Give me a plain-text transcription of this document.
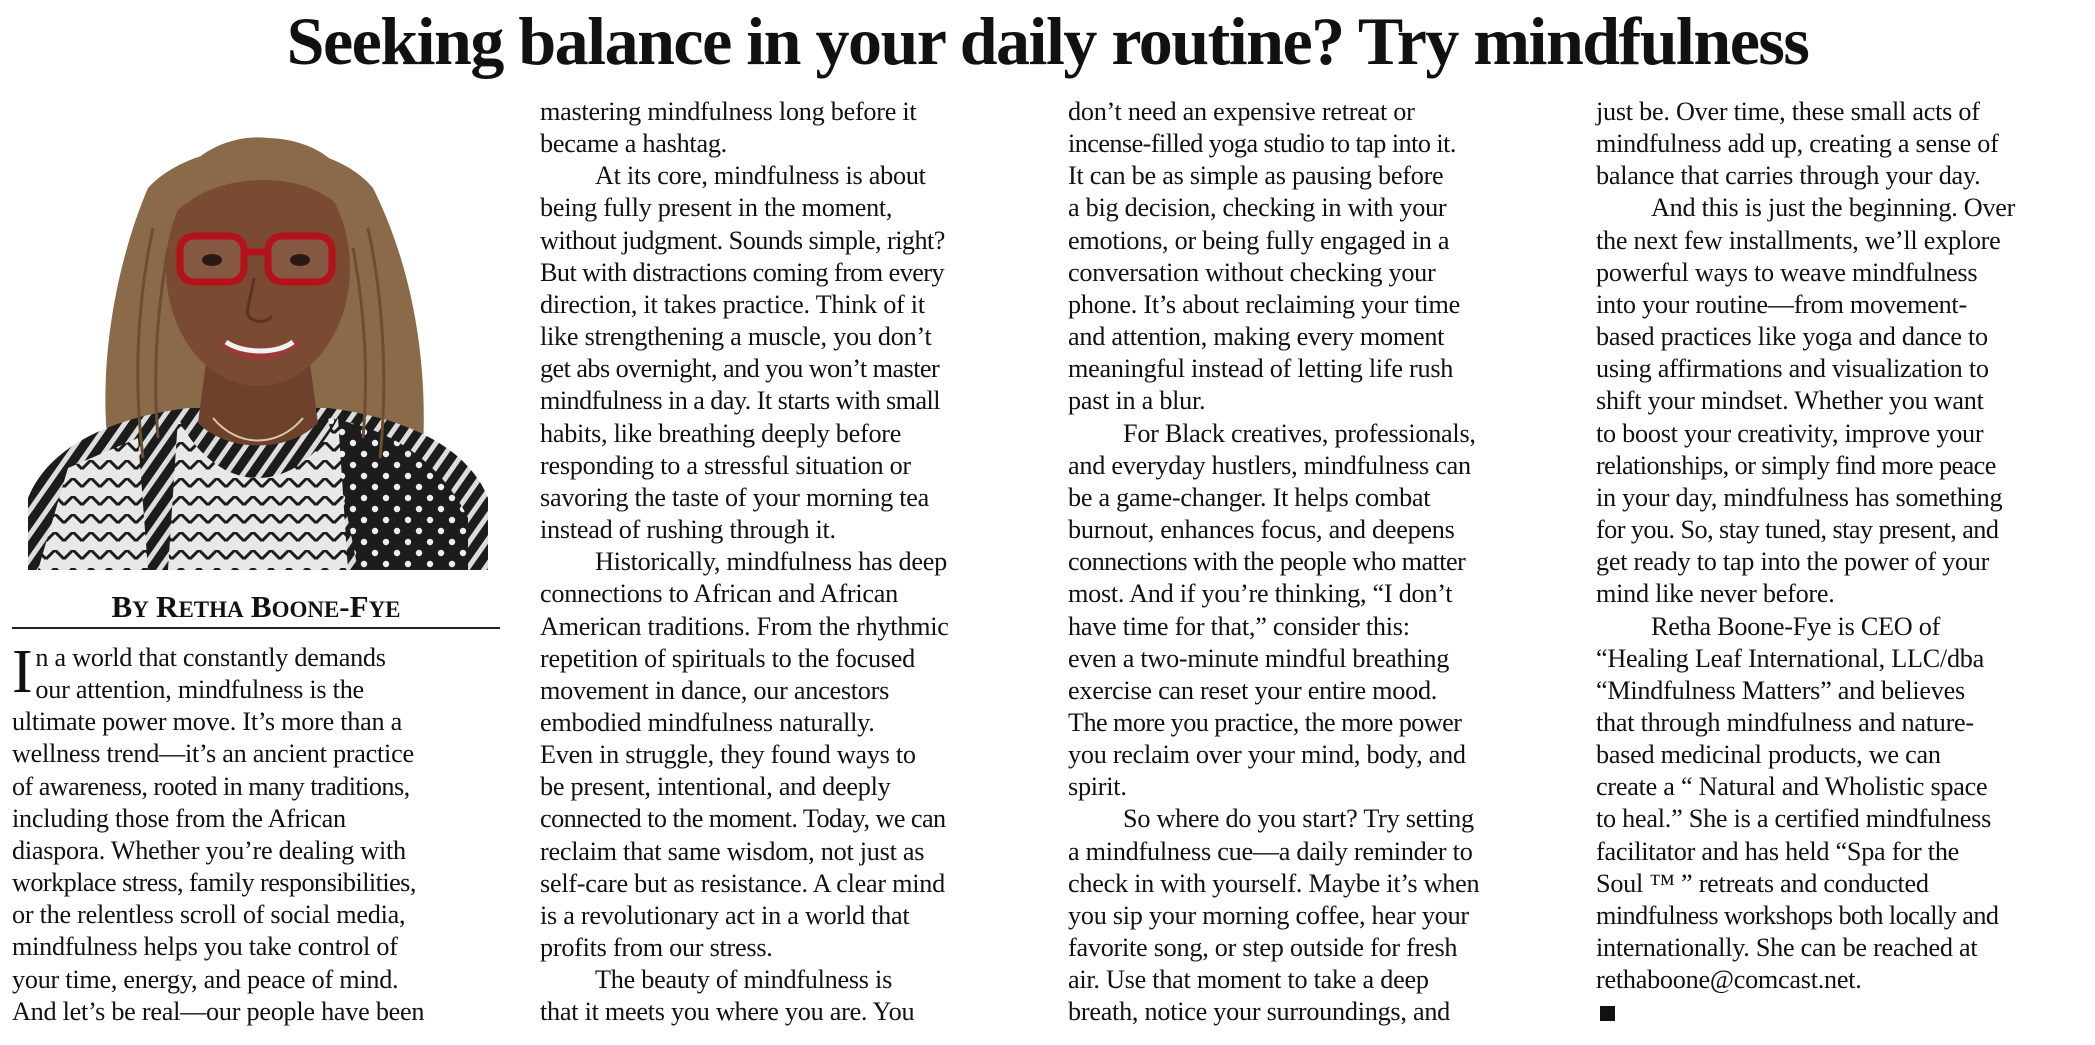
Seeking balance in your daily routine? Try mindfulness
BY RETHA BOONE-FYE
I n a world that constantly demands

our attention, mindfulness is the

ultimate power move. It’s more than a

wellness trend—it’s an ancient practice

of awareness, rooted in many traditions,

including those from the African

diaspora. Whether you’re dealing with

workplace stress, family responsibilities,

or the relentless scroll of social media,

mindfulness helps you take control of

your time, energy, and peace of mind.

And let’s be real—our people have been

mastering mindfulness long before it

became a hashtag.

At its core, mindfulness is about

being fully present in the moment,

without judgment. Sounds simple, right?

But with distractions coming from every

direction, it takes practice. Think of it

like strengthening a muscle, you don’t

get abs overnight, and you won’t master

mindfulness in a day. It starts with small

habits, like breathing deeply before

responding to a stressful situation or

savoring the taste of your morning tea

instead of rushing through it.

Historically, mindfulness has deep

connections to African and African

American traditions. From the rhythmic

repetition of spirituals to the focused

movement in dance, our ancestors

embodied mindfulness naturally.

Even in struggle, they found ways to

be present, intentional, and deeply

connected to the moment. Today, we can

reclaim that same wisdom, not just as

self-care but as resistance. A clear mind

is a revolutionary act in a world that

profits from our stress.

The beauty of mindfulness is

that it meets you where you are. You

don’t need an expensive retreat or

incense-filled yoga studio to tap into it.

It can be as simple as pausing before

a big decision, checking in with your

emotions, or being fully engaged in a

conversation without checking your

phone. It’s about reclaiming your time

and attention, making every moment

meaningful instead of letting life rush

past in a blur.

For Black creatives, professionals,

and everyday hustlers, mindfulness can

be a game-changer. It helps combat

burnout, enhances focus, and deepens

connections with the people who matter

most. And if you’re thinking, “I don’t

have time for that,” consider this:

even a two-minute mindful breathing

exercise can reset your entire mood.

The more you practice, the more power

you reclaim over your mind, body, and

spirit.

So where do you start? Try setting

a mindfulness cue—a daily reminder to

check in with yourself. Maybe it’s when

you sip your morning coffee, hear your

favorite song, or step outside for fresh

air. Use that moment to take a deep

breath, notice your surroundings, and

just be. Over time, these small acts of

mindfulness add up, creating a sense of

balance that carries through your day.

And this is just the beginning. Over

the next few installments, we’ll explore

powerful ways to weave mindfulness

into your routine—from movement-

based practices like yoga and dance to

using affirmations and visualization to

shift your mindset. Whether you want

to boost your creativity, improve your

relationships, or simply find more peace

in your day, mindfulness has something

for you. So, stay tuned, stay present, and

get ready to tap into the power of your

mind like never before.

Retha Boone-Fye is CEO of

“Healing Leaf International, LLC/dba

“Mindfulness Matters” and believes

that through mindfulness and nature-

based medicinal products, we can

create a “ Natural and Wholistic space

to heal.” She is a certified mindfulness

facilitator and has held “Spa for the

Soul ™ ” retreats and conducted

mindfulness workshops both locally and

internationally. She can be reached at

rethaboone@comcast.net.
